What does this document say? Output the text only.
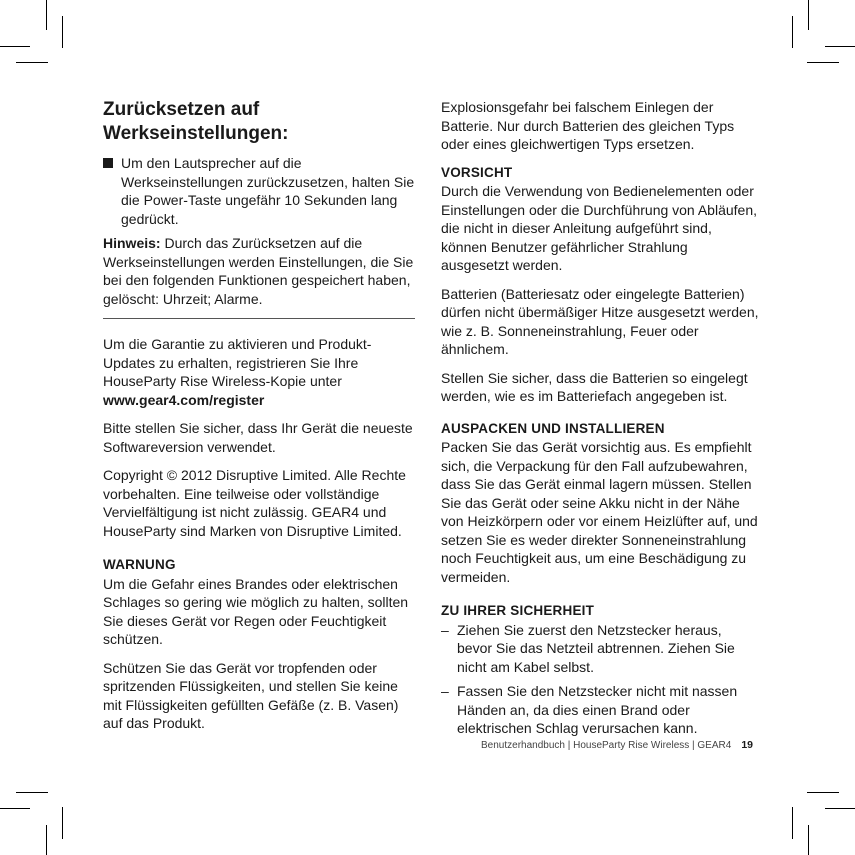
Zurücksetzen auf
Werkseinstellungen:
Um den Lautsprecher auf die Werkseinstellungen zurückzusetzen, halten Sie die Power-Taste ungefähr 10 Sekunden lang gedrückt.

Hinweis: Durch das Zurücksetzen auf die Werkseinstellungen werden Einstellungen, die Sie bei den folgenden Funktionen gespeichert haben, gelöscht: Uhrzeit; Alarme.

Um die Garantie zu aktivieren und Produkt-Updates zu erhalten, registrieren Sie Ihre HouseParty Rise Wireless-Kopie unter
www.gear4.com/register

Bitte stellen Sie sicher, dass Ihr Gerät die neueste Softwareversion verwendet.

Copyright © 2012 Disruptive Limited. Alle Rechte vorbehalten. Eine teilweise oder vollständige Vervielfältigung ist nicht zulässig. GEAR4 und HouseParty sind Marken von Disruptive Limited.

WARNUNG

Um die Gefahr eines Brandes oder elektrischen Schlages so gering wie möglich zu halten, sollten Sie dieses Gerät vor Regen oder Feuchtigkeit schützen.

Schützen Sie das Gerät vor tropfenden oder spritzenden Flüssigkeiten, und stellen Sie keine mit Flüssigkeiten gefüllten Gefäße (z. B. Vasen) auf das Produkt.

Explosionsgefahr bei falschem Einlegen der Batterie. Nur durch Batterien des gleichen Typs oder eines gleichwertigen Typs ersetzen.

VORSICHT

Durch die Verwendung von Bedienelementen oder Einstellungen oder die Durchführung von Abläufen, die nicht in dieser Anleitung aufgeführt sind, können Benutzer gefährlicher Strahlung ausgesetzt werden.

Batterien (Batteriesatz oder eingelegte Batterien) dürfen nicht übermäßiger Hitze ausgesetzt werden, wie z. B. Sonneneinstrahlung, Feuer oder ähnlichem.

Stellen Sie sicher, dass die Batterien so eingelegt werden, wie es im Batteriefach angegeben ist.

AUSPACKEN UND INSTALLIEREN

Packen Sie das Gerät vorsichtig aus. Es empfiehlt sich, die Verpackung für den Fall aufzubewahren, dass Sie das Gerät einmal lagern müssen. Stellen Sie das Gerät oder seine Akku nicht in der Nähe von Heizkörpern oder vor einem Heizlüfter auf, und setzen Sie es weder direkter Sonneneinstrahlung noch Feuchtigkeit aus, um eine Beschädigung zu vermeiden.

ZU IHRER SICHERHEIT

– Ziehen Sie zuerst den Netzstecker heraus, bevor Sie das Netzteil abtrennen. Ziehen Sie nicht am Kabel selbst.
– Fassen Sie den Netzstecker nicht mit nassen Händen an, da dies einen Brand oder elektrischen Schlag verursachen kann.
Benutzerhandbuch | HouseParty Rise Wireless | GEAR4 19
